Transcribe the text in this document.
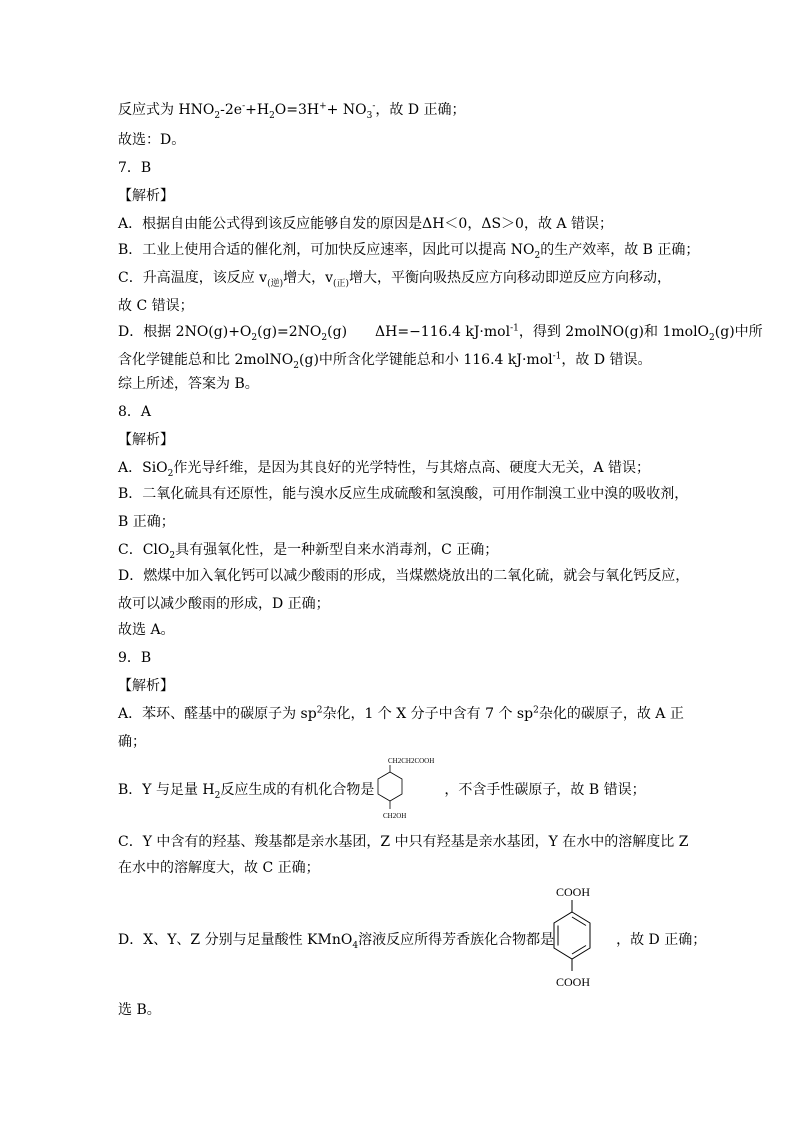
反应式为 $HNO_2-2e^-+H_2O=3H^++ NO_3^-$，故 D 正确；
故选：D。
7．B
【解析】
A．根据自由能公式得到该反应能够自发的原因是ΔH＜0，ΔS＞0，故 A 错误；
B．工业上使用合适的催化剂，可加快反应速率，因此可以提高 $NO_2$的生产效率，故 B 正确；
C．升高温度，该反应 $v_{(逆)}$增大，$v_{(正)}$增大，平衡向吸热反应方向移动即逆反应方向移动，
故 C 错误；
D．根据 $2NO(g)+O_2(g)=2NO_2(g)$　　ΔH=−116.4 kJ·mol$^{-1}$，得到 2molNO(g)和 1molO$_2$(g)中所
含化学键能总和比 2molNO$_2$(g)中所含化学键能总和小 116.4 kJ·mol$^{-1}$，故 D 错误。
综上所述，答案为 B。
8．A
【解析】
A．SiO$_2$作光导纤维，是因为其良好的光学特性，与其熔点高、硬度大无关，A 错误；
B．二氧化硫具有还原性，能与溴水反应生成硫酸和氢溴酸，可用作制溴工业中溴的吸收剂，
B 正确；
C．ClO$_2$具有强氧化性，是一种新型自来水消毒剂，C 正确；
D．燃煤中加入氧化钙可以减少酸雨的形成，当煤燃烧放出的二氧化硫，就会与氧化钙反应，
故可以减少酸雨的形成，D 正确；
故选 A。
9．B
【解析】
A．苯环、醛基中的碳原子为 $sp^2$杂化，1 个 X 分子中含有 7 个 $sp^2$杂化的碳原子，故 A 正
确；
B．Y 与足量 $H_2$反应生成的有机化合物是	，不含手性碳原子，故 B 错误；
CH2CH2COOH
CH2OH
C．Y 中含有的羟基、羧基都是亲水基团，Z 中只有羟基是亲水基团，Y 在水中的溶解度比 Z
在水中的溶解度大，故 C 正确；
D．X、Y、Z 分别与足量酸性 KMnO$_4$溶液反应所得芳香族化合物都是	，故 D 正确；
COOH
COOH
选 B。
